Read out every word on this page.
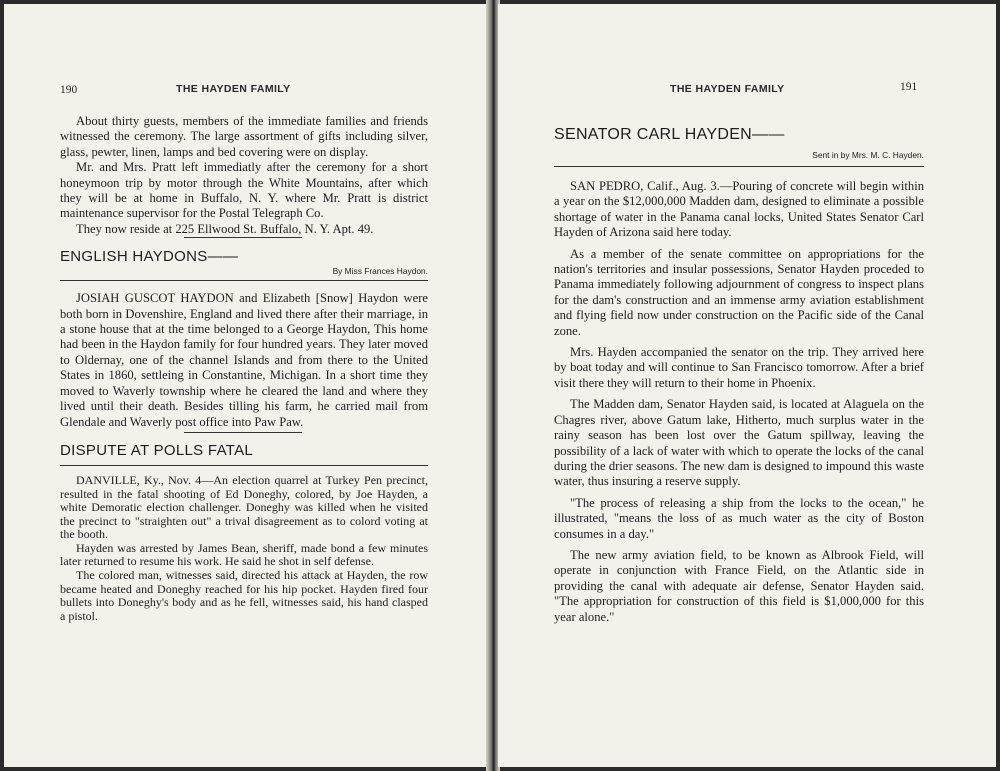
190	THE HAYDEN FAMILY

About thirty guests, members of the immediate families and friends witnessed the ceremony. The large assortment of gifts including silver, glass, pewter, linen, lamps and bed covering were on display.

Mr. and Mrs. Pratt left immediatly after the ceremony for a short honeymoon trip by motor through the White Mountains, after which they will be at home in Buffalo, N. Y. where Mr. Pratt is district maintenance supervisor for the Postal Telegraph Co.

They now reside at 225 Ellwood St. Buffalo, N. Y. Apt. 49.

ENGLISH HAYDONS——
By Miss Frances Haydon.

JOSIAH GUSCOT HAYDON and Elizabeth [Snow] Haydon were both born in Dovenshire, England and lived there after their marriage, in a stone house that at the time belonged to a George Haydon, This home had been in the Haydon family for four hundred years. They later moved to Oldernay, one of the channel Islands and from there to the United States in 1860, settleing in Constantine, Michigan. In a short time they moved to Waverly township where he cleared the land and where they lived until their death. Besides tilling his farm, he carried mail from Glendale and Waverly post office into Paw Paw.

DISPUTE AT POLLS FATAL

DANVILLE, Ky., Nov. 4—An election quarrel at Turkey Pen precinct, resulted in the fatal shooting of Ed Doneghy, colored, by Joe Hayden, a white Demoratic election challenger. Doneghy was killed when he visited the precinct to "straighten out" a trival disagreement as to colord voting at the booth.

Hayden was arrested by James Bean, sheriff, made bond a few minutes later returned to resume his work. He said he shot in self defense.

The colored man, witnesses said, directed his attack at Hayden, the row became heated and Doneghy reached for his hip pocket. Hayden fired four bullets into Doneghy's body and as he fell, witnesses said, his hand clasped a pistol.

THE HAYDEN FAMILY	191
SENATOR CARL HAYDEN——
Sent in by Mrs. M. C. Hayden.

SAN PEDRO, Calif., Aug. 3.—Pouring of concrete will begin within a year on the $12,000,000 Madden dam, designed to eliminate a possible shortage of water in the Panama canal locks, United States Senator Carl Hayden of Arizona said here today.

As a member of the senate committee on appropriations for the nation's territories and insular possessions, Senator Hayden proceded to Panama immediately following adjournment of congress to inspect plans for the dam's construction and an immense army aviation establishment and flying field now under construction on the Pacific side of the Canal zone.

Mrs. Hayden accompanied the senator on the trip. They arrived here by boat today and will continue to San Francisco tomorrow. After a brief visit there they will return to their home in Phoenix.

The Madden dam, Senator Hayden said, is located at Alaguela on the Chagres river, above Gatum lake, Hitherto, much surplus water in the rainy season has been lost over the Gatum spillway, leaving the possibility of a lack of water with which to operate the locks of the canal during the drier seasons. The new dam is designed to impound this waste water, thus insuring a reserve supply.

"The process of releasing a ship from the locks to the ocean," he illustrated, "means the loss of as much water as the city of Boston consumes in a day."

The new army aviation field, to be known as Albrook Field, will operate in conjunction with France Field, on the Atlantic side in providing the canal with adequate air defense, Senator Hayden said. "The appropriation for construction of this field is $1,000,000 for this year alone."
